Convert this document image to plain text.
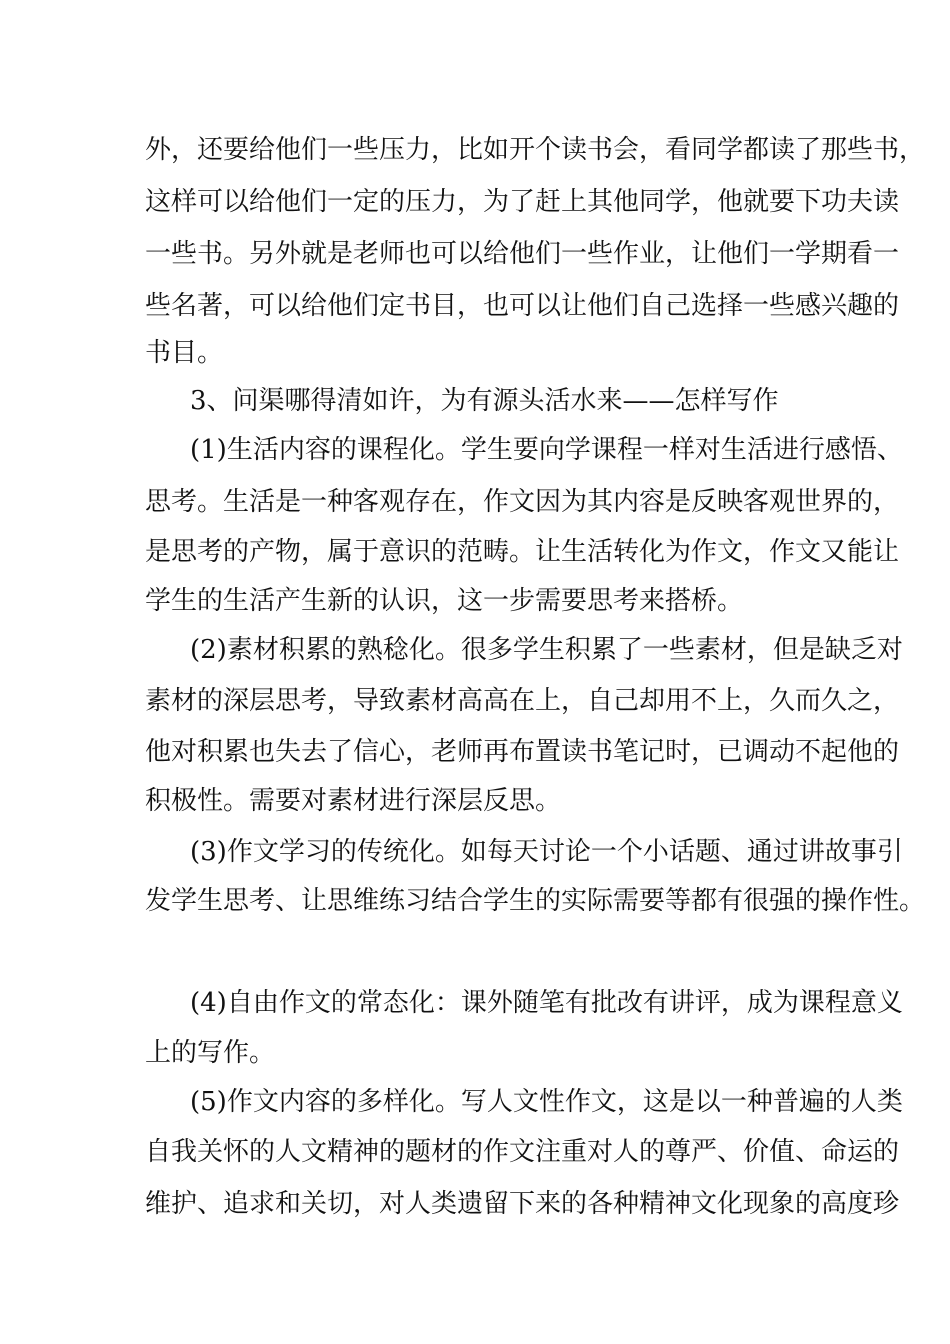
外，还要给他们一些压力，比如开个读书会，看同学都读了那些书，
这样可以给他们一定的压力，为了赶上其他同学，他就要下功夫读
一些书。另外就是老师也可以给他们一些作业，让他们一学期看一
些名著，可以给他们定书目，也可以让他们自己选择一些感兴趣的
书目。
3、问渠哪得清如许，为有源头活水来——怎样写作
(1)生活内容的课程化。学生要向学课程一样对生活进行感悟、
思考。生活是一种客观存在，作文因为其内容是反映客观世界的，
是思考的产物，属于意识的范畴。让生活转化为作文，作文又能让
学生的生活产生新的认识，这一步需要思考来搭桥。
(2)素材积累的熟稔化。很多学生积累了一些素材，但是缺乏对
素材的深层思考，导致素材高高在上，自己却用不上，久而久之，
他对积累也失去了信心，老师再布置读书笔记时，已调动不起他的
积极性。需要对素材进行深层反思。
(3)作文学习的传统化。如每天讨论一个小话题、通过讲故事引
发学生思考、让思维练习结合学生的实际需要等都有很强的操作性。
(4)自由作文的常态化：课外随笔有批改有讲评，成为课程意义
上的写作。
(5)作文内容的多样化。写人文性作文，这是以一种普遍的人类
自我关怀的人文精神的题材的作文注重对人的尊严、价值、命运的
维护、追求和关切，对人类遗留下来的各种精神文化现象的高度珍
